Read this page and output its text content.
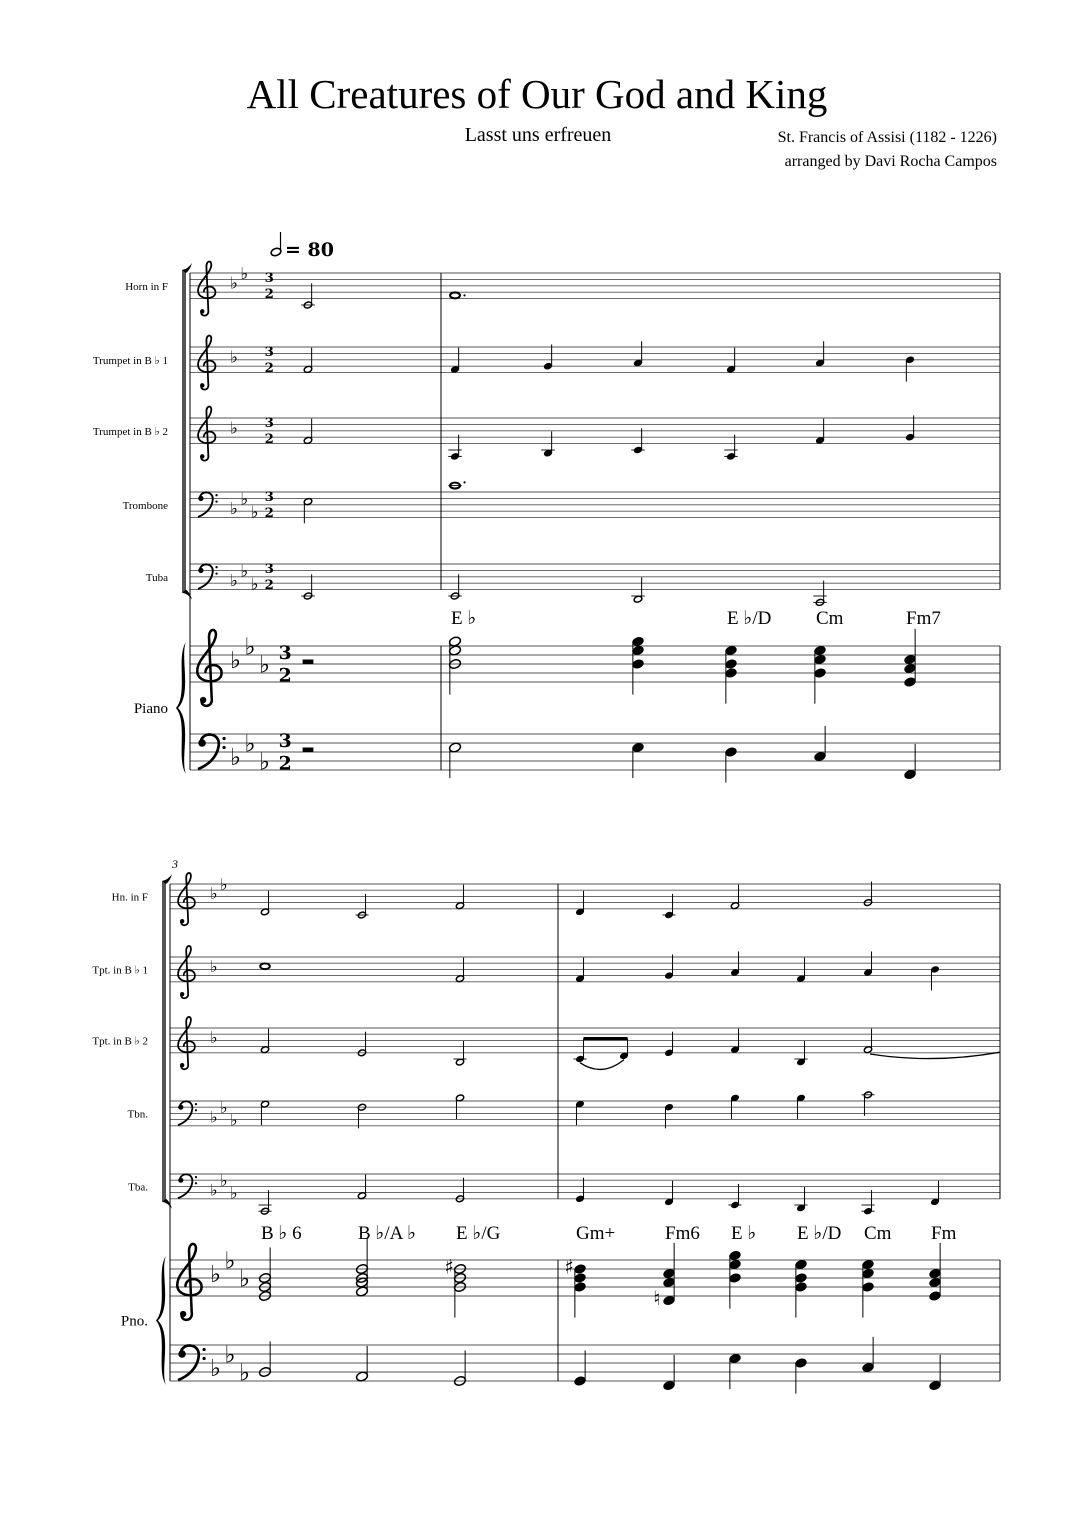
All Creatures of Our God and King
Lasst uns erfreuen	St. Francis of Assisi (1182 - 1226)
arranged by Davi Rocha Campos
= 80
♭
♭ 3
2
Horn in F
♭ 3
2
Trumpet in B ♭ 1
♭ 3
2
Trumpet in B ♭ 2
♭
♭
♭
3
2
Trombone
♭
♭
♭
3
2
Tuba
♭ ♭
♭ 3
2
Piano
♭ ♭
♭
3
2
E ♭	E ♭/D Cm	Fm7
♭ ♭
Hn. in F
♭
Tpt. in B ♭ 1
♭
Tpt. in B ♭ 2
♭ ♭
♭
Tbn.
♭ ♭
♭
Tba.
♭ ♭
♭
Pno.
♭ ♭
♭
3
B ♭ 6	B ♭/A ♭ E ♭/G	Gm+	Fm6 E ♭ E ♭/D Cm Fm
♯	♯
♮
